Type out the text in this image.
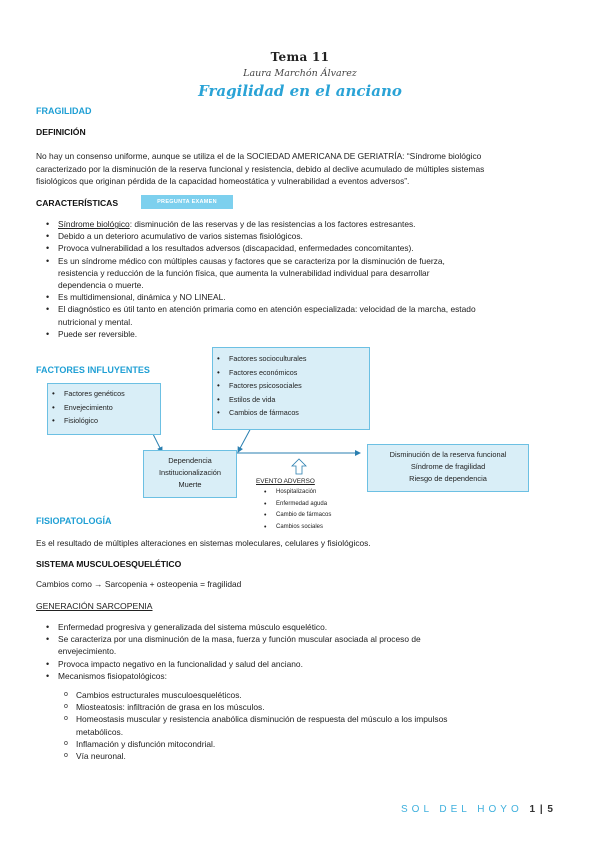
Tema 11
Laura Marchón Álvarez
Fragilidad en el anciano
FRAGILIDAD
DEFINICIÓN
No hay un consenso uniforme, aunque se utiliza el de la SOCIEDAD AMERICANA DE GERIATRÍA: “Síndrome biológico
caracterizado por la disminución de la reserva funcional y resistencia, debido al declive acumulado de múltiples sistemas
fisiológicos que originan pérdida de la capacidad homeostática y vulnerabilidad a eventos adversos”.
CARACTERÍSTICAS	PREGUNTA EXAMEN
• Síndrome biológico: disminución de las reservas y de las resistencias a los factores estresantes.
• Debido a un deterioro acumulativo de varios sistemas fisiológicos.
• Provoca vulnerabilidad a los resultados adversos (discapacidad, enfermedades concomitantes).
• Es un síndrome médico con múltiples causas y factores que se caracteriza por la disminución de fuerza,
resistencia y reducción de la función física, que aumenta la vulnerabilidad individual para desarrollar
dependencia o muerte.
• Es multidimensional, dinámica y NO LINEAL.
• El diagnóstico es útil tanto en atención primaria como en atención especializada: velocidad de la marcha, estado
nutricional y mental.
• Puede ser reversible.
FACTORES INFLUYENTES
• Factores genéticos
• Envejecimiento
• Fisiológico
• Factores socioculturales
• Factores económicos
• Factores psicosociales
• Estilos de vida
• Cambios de fármacos
Dependencia
Institucionalización
Muerte
Disminución de la reserva funcional
Síndrome de fragilidad
Riesgo de dependencia
EVENTO ADVERSO
• Hospitalización
• Enfermedad aguda
• Cambio de fármacos
• Cambios sociales
FISIOPATOLOGÍA
Es el resultado de múltiples alteraciones en sistemas moleculares, celulares y fisiológicos.
SISTEMA MUSCULOESQUELÉTICO
Cambios como → Sarcopenia + osteopenia = fragilidad
GENERACIÓN SARCOPENIA
• Enfermedad progresiva y generalizada del sistema músculo esquelético.
• Se caracteriza por una disminución de la masa, fuerza y función muscular asociada al proceso de
envejecimiento.
• Provoca impacto negativo en la funcionalidad y salud del anciano.
• Mecanismos fisiopatológicos:
o Cambios estructurales musculoesqueléticos.
o Miosteatosis: infiltración de grasa en los músculos.
o Homeostasis muscular y resistencia anabólica disminución de respuesta del músculo a los impulsos
metabólicos.
o Inflamación y disfunción mitocondrial.
o Vía neuronal.
SOL DEL HOYO 1 | 5
